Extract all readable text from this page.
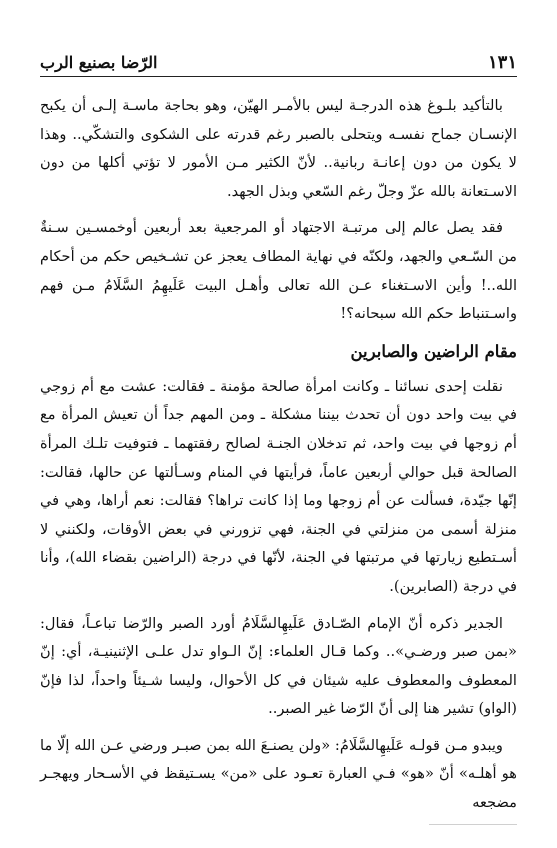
١٣١
الرّضا بصنيع الرب

بالتأكيد بلـوغ هذه الدرجـة ليس بالأمـر الهيّن، وهو بحاجة ماسـة إلـى أن يكبح الإنسـان جماح نفسـه ويتحلى بالصبر رغم قدرته على الشكوى والتشكّي.. وهذا لا يكون من دون إعانـة ربانية.. لأنّ الكثير مـن الأمور لا تؤتي أكلها من دون الاسـتعانة بالله عزّ وجلّ رغم السّعي وبذل الجهد.

فقد يصل عالم إلى مرتبـة الاجتهاد أو المرجعية بعد أربعين أوخمسـين سـنةٌ من السّـعي والجهد، ولكنّه في نهاية المطاف يعجز عن تشـخيص حكم من أحكام الله..! وأين الاسـتغناء عـن الله تعالى وأهـل البيت عَلَيهِمُ السَّلَامُ مـن فهم واسـتنباط حكم الله سبحانه؟!

مقام الراضين والصابرين

نقلت إحدى نسائنا ـ وكانت امرأة صالحة مؤمنة ـ فقالت: عشت مع أم زوجي في بيت واحد دون أن تحدث بيننا مشكلة ـ ومن المهم جداً أن تعيش المرأة مع أم زوجها في بيت واحد، ثم تدخلان الجنـة لصالح رفقتهما ـ فتوفيت تلـك المرأة الصالحة قبل حوالي أربعين عاماً، فرأيتها في المنام وسـألتها عن حالها، فقالت: إنّها جيّدة، فسألت عن أم زوجها وما إذا كانت تراها؟ فقالت: نعم أراها، وهي في منزلة أسمى من منزلتي في الجنة، فهي تزورني في بعض الأوقات، ولكنني لا أسـتطيع زيارتها في مرتبتها في الجنة، لأنّها في درجة (الراضين بقضاء الله)، وأنا في درجة (الصابرين).

الجدير ذكره أنّ الإمام الصّـادق عَلَيهِالسَّلَامُ أورد الصبر والرّضا تباعـاً، فقال: «بمن صبر ورضـي».. وكما قـال العلماء: إنّ الـواو تدل علـى الإثنينيـة، أي: إنّ المعطوف والمعطوف عليه شيئان في كل الأحوال، وليسا شـيئاً واحداً، لذا فإنّ (الواو) تشير هنا إلى أنّ الرّضا غير الصبر..

ويبدو مـن قولـه عَلَيهِالسَّلَامُ: «ولن يصنـعَ الله بمن صبـر ورضي عـن الله إلّا ما هو أهلـه» أنّ «هو» فـي العبارة تعـود على «من» يسـتيقظ في الأسـحار ويهجـر مضجعه
